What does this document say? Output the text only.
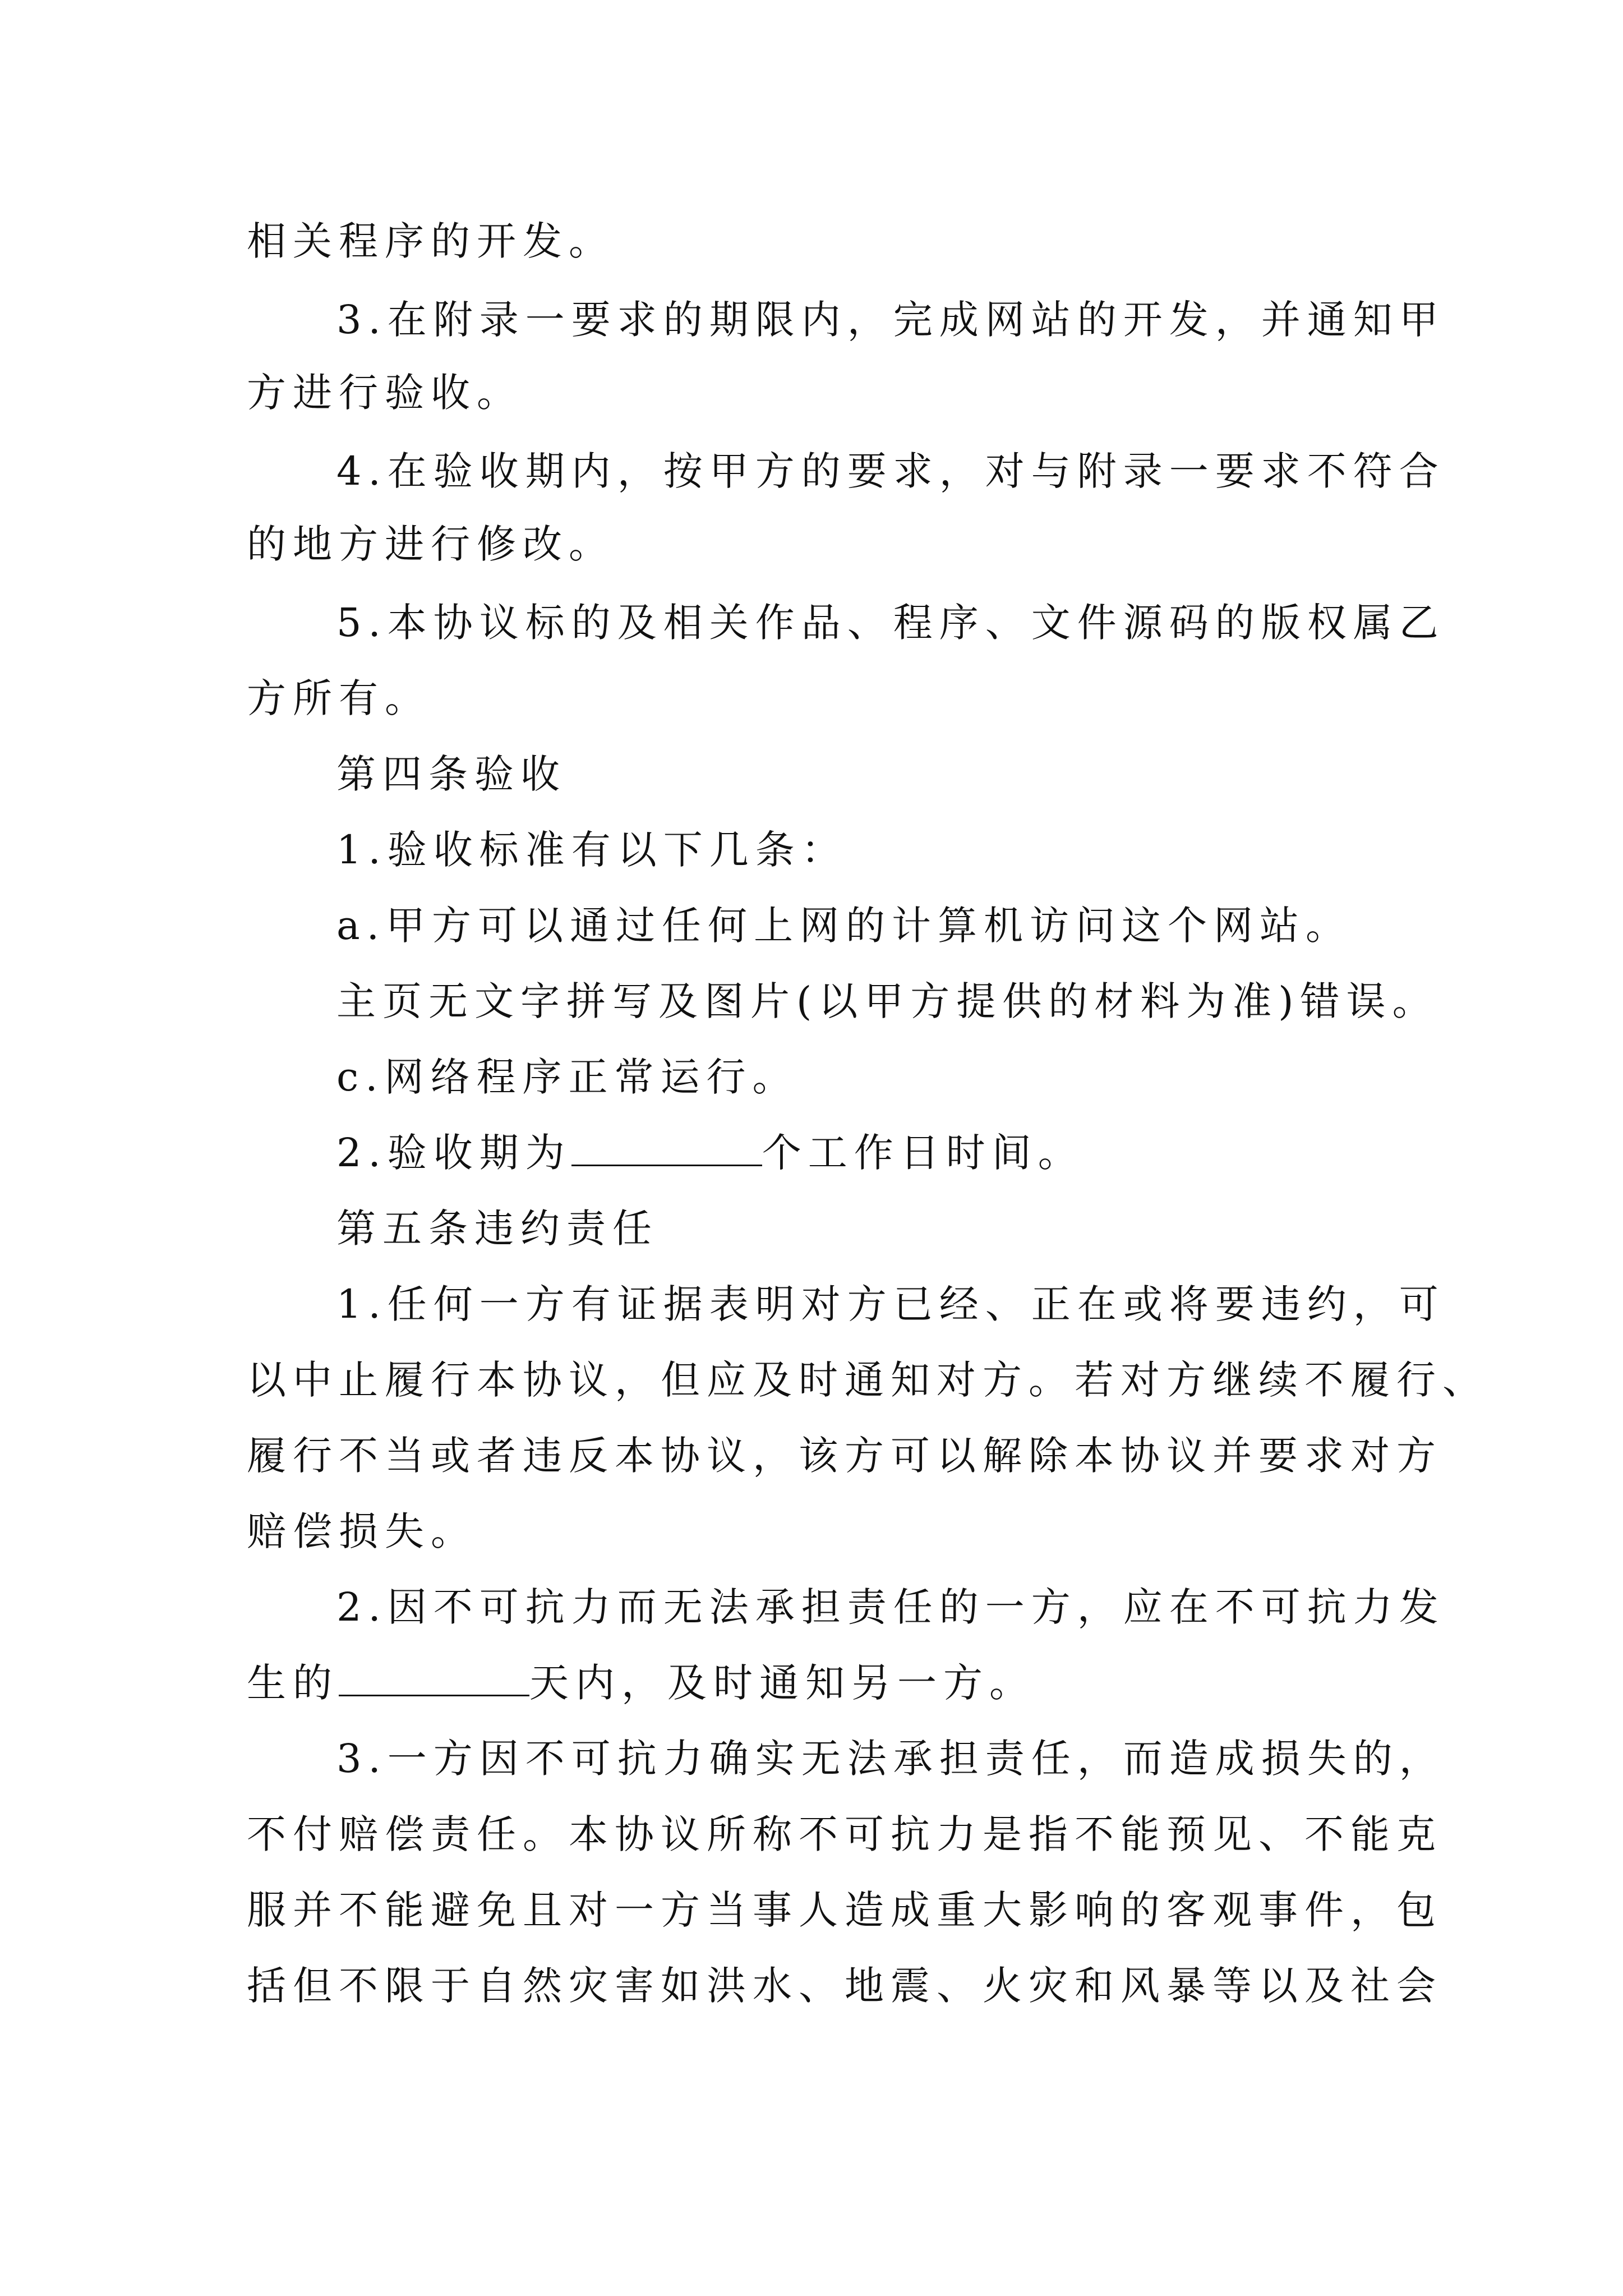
相关程序的开发。

3.在附录一要求的期限内，完成网站的开发，并通知甲

方进行验收。

4.在验收期内，按甲方的要求，对与附录一要求不符合

的地方进行修改。

5.本协议标的及相关作品、程序、文件源码的版权属乙

方所有。

第四条验收

1.验收标准有以下几条：

a.甲方可以通过任何上网的计算机访问这个网站。

主页无文字拼写及图片(以甲方提供的材料为准)错误。

c.网络程序正常运行。

2.验收期为	个工作日时间。

第五条违约责任

1.任何一方有证据表明对方已经、正在或将要违约，可

以中止履行本协议，但应及时通知对方。若对方继续不履行、

履行不当或者违反本协议，该方可以解除本协议并要求对方

赔偿损失。

2.因不可抗力而无法承担责任的一方，应在不可抗力发

生的	天内，及时通知另一方。

3.一方因不可抗力确实无法承担责任，而造成损失的，

不付赔偿责任。本协议所称不可抗力是指不能预见、不能克

服并不能避免且对一方当事人造成重大影响的客观事件，包

括但不限于自然灾害如洪水、地震、火灾和风暴等以及社会
